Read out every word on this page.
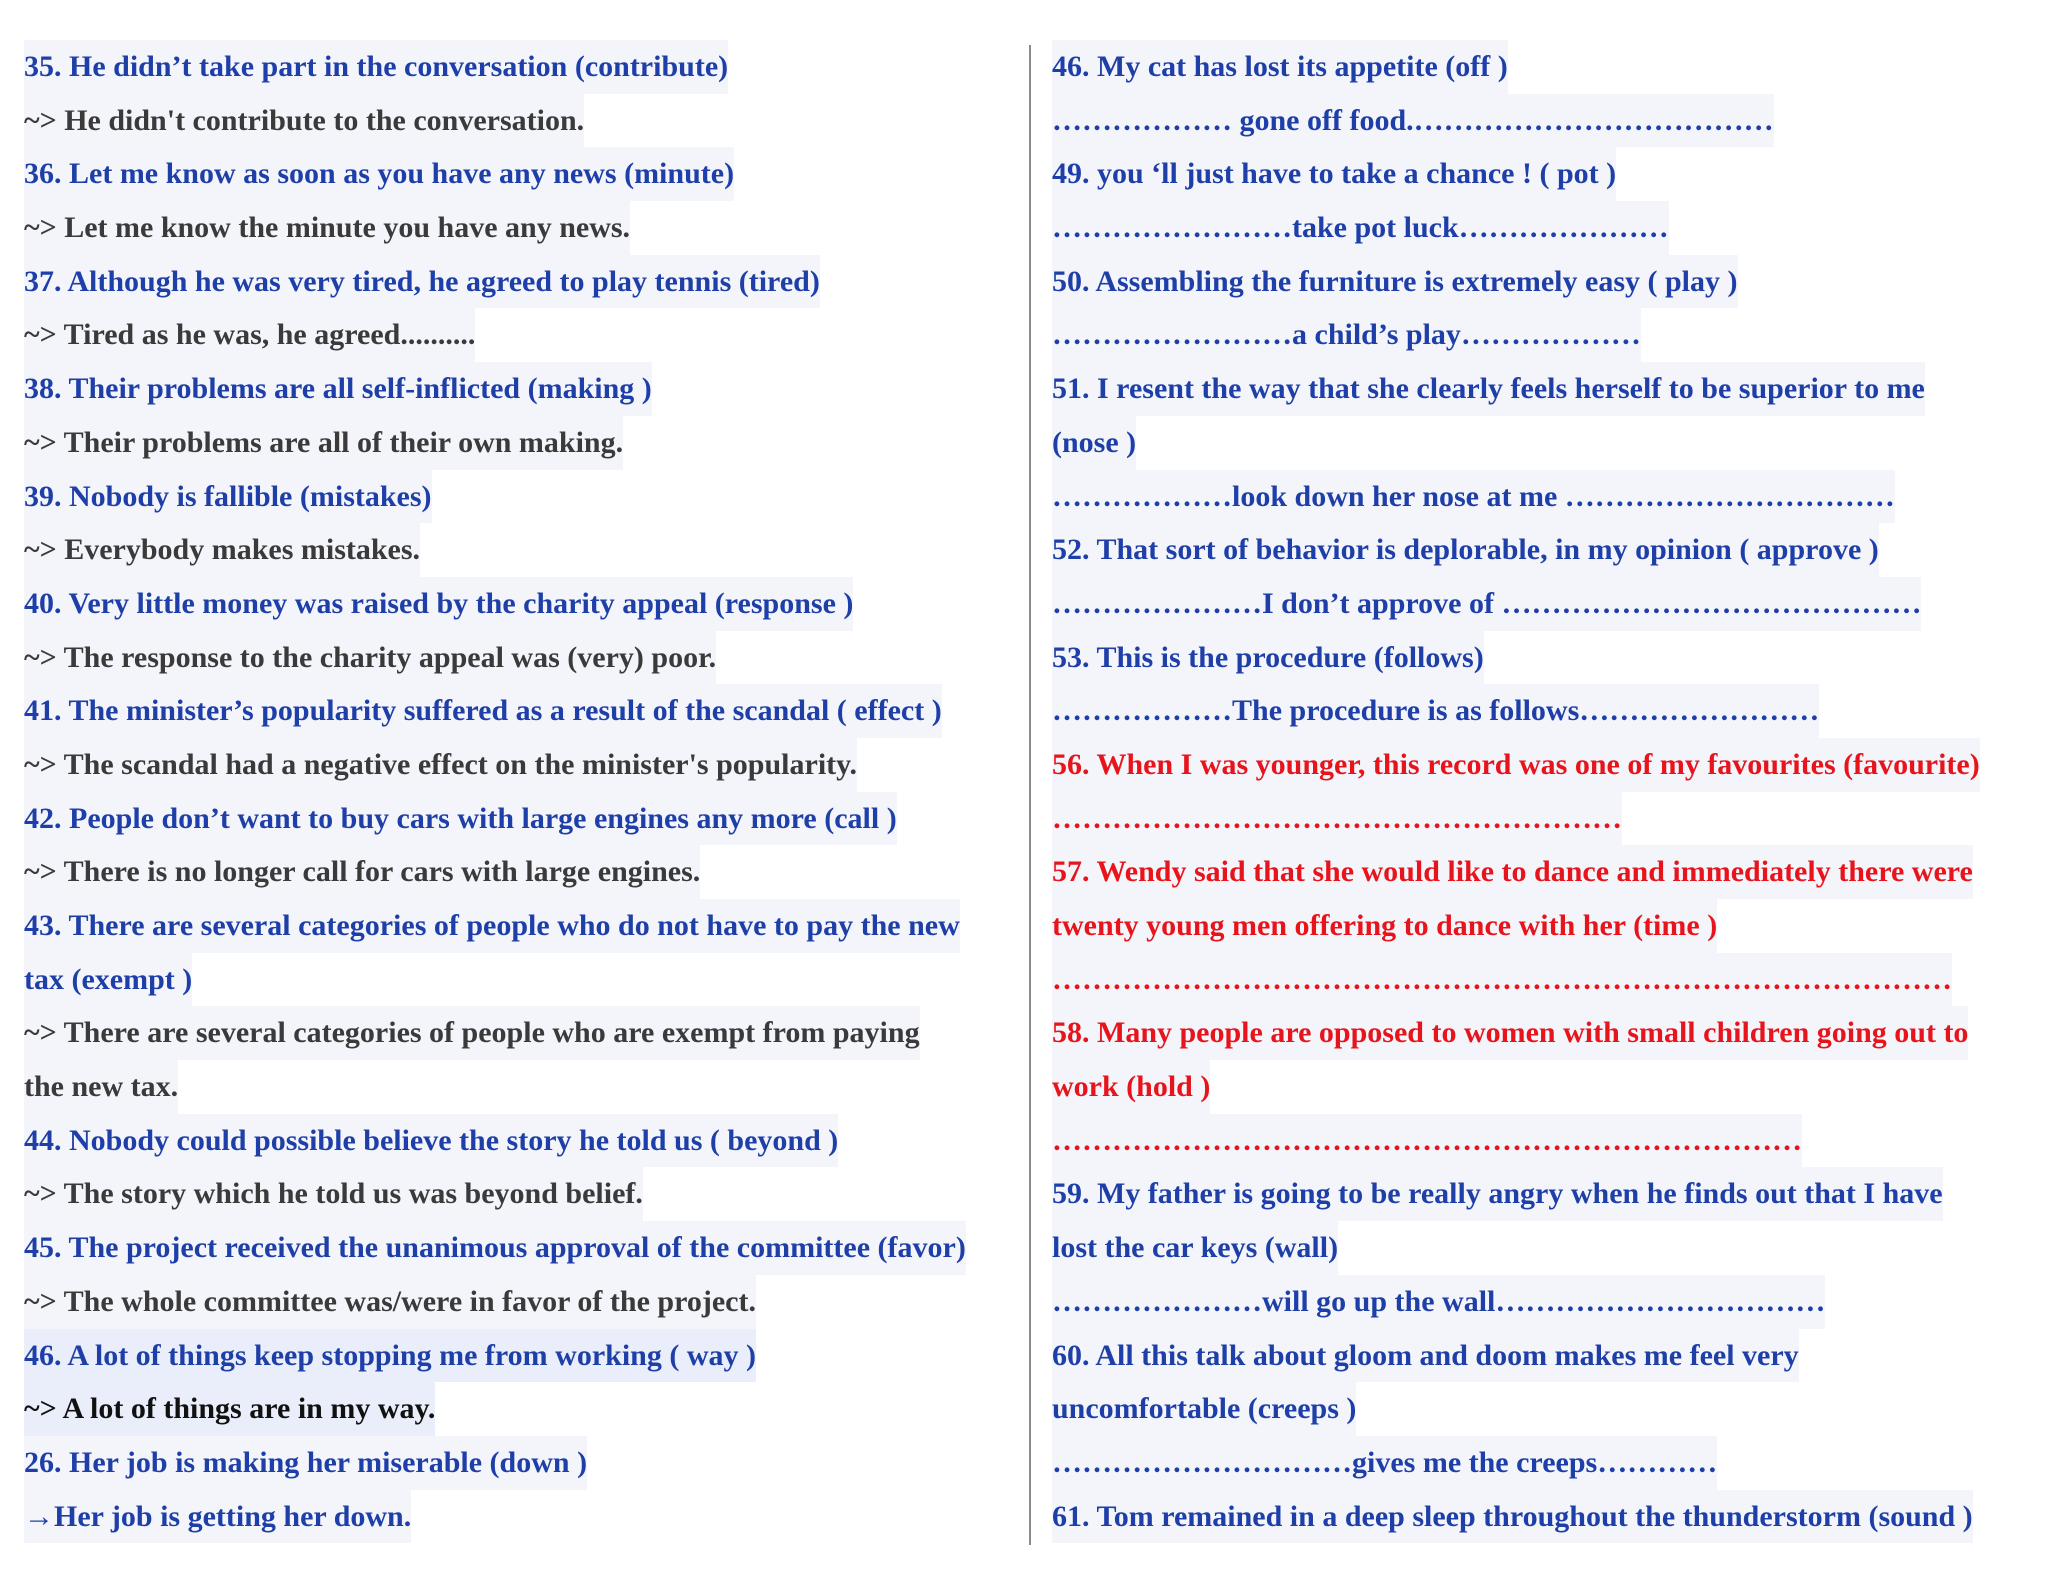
35. He didn’t take part in the conversation (contribute)
~> He didn't contribute to the conversation.
36. Let me know as soon as you have any news (minute)
~> Let me know the minute you have any news.
37. Although he was very tired, he agreed to play tennis (tired)
~> Tired as he was, he agreed..........
38. Their problems are all self-inflicted (making )
~> Their problems are all of their own making.
39. Nobody is fallible (mistakes)
~> Everybody makes mistakes.
40. Very little money was raised by the charity appeal (response )
~> The response to the charity appeal was (very) poor.
41. The minister’s popularity suffered as a result of the scandal ( effect )
~> The scandal had a negative effect on the minister's popularity.
42. People don’t want to buy cars with large engines any more (call )
~> There is no longer call for cars with large engines.
43. There are several categories of people who do not have to pay the new
tax (exempt )
~> There are several categories of people who are exempt from paying
the new tax.
44. Nobody could possible believe the story he told us ( beyond )
~> The story which he told us was beyond belief.
45. The project received the unanimous approval of the committee (favor)
~> The whole committee was/were in favor of the project.
46. A lot of things keep stopping me from working ( way )
~> A lot of things are in my way.
26. Her job is making her miserable (down )
→Her job is getting her down.
46. My cat has lost its appetite (off )
……………… gone off food.………………………………
49. you ‘ll just have to take a chance ! ( pot )
……………………take pot luck…………………
50. Assembling the furniture is extremely easy ( play )
……………………a child’s play………………
51. I resent the way that she clearly feels herself to be superior to me
(nose )
………………look down her nose at me ……………………………
52. That sort of behavior is deplorable, in my opinion ( approve )
…………………I don’t approve of ……………………………………
53. This is the procedure (follows)
………………The procedure is as follows……………………
56. When I was younger, this record was one of my favourites (favourite)
…………………………………………………
57. Wendy said that she would like to dance and immediately there were
twenty young men offering to dance with her (time )
………………………………………………………………………………
58. Many people are opposed to women with small children going out to
work (hold )
…………………………………………………………………
59. My father is going to be really angry when he finds out that I have
lost the car keys (wall)
…………………will go up the wall……………………………
60. All this talk about gloom and doom makes me feel very
uncomfortable (creeps )
…………………………gives me the creeps…………
61. Tom remained in a deep sleep throughout the thunderstorm (sound )
